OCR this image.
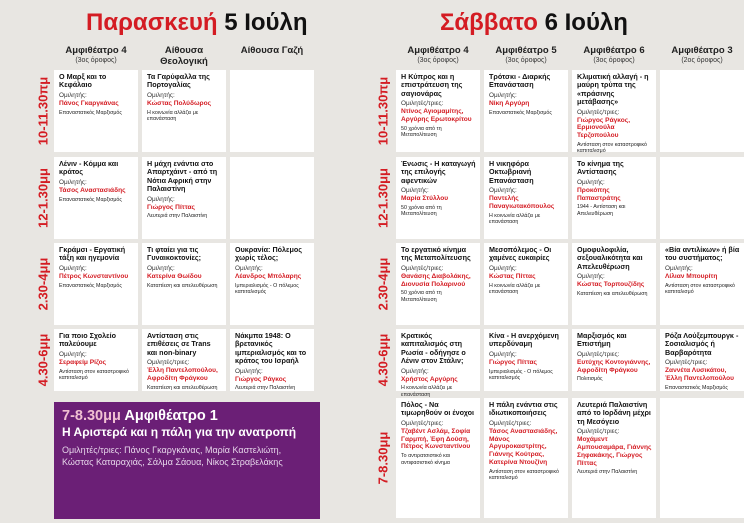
Παρασκευή 5 Ιούλη	Σάββατο 6 Ιούλη
Αμφιθέατρο 4
(3ος όροφος)
Αίθουσα Θεολογική
Αίθουσα Γαζή	Αμφιθέατρο 4
(3ος όροφος)
Αμφιθέατρο 5
(3ος όροφος)
Αμφιθέατρο 6
(3ος όροφος)
Αμφιθέατρο 3
(2ος όροφος)
10-11.30πμ
12-1.30μμ
2.30-4μμ
4.30-6μμ
10-11.30πμ
12-1.30μμ
2.30-4μμ
4.30-6μμ
7-8.30μμ
Ο Μαρξ και το Κεφάλαιο
Ομιλητής:
Πάνος Γκαργκάνας
Επαναστατικός Μαρξισμός
Τα Γαρύφαλλα της Πορτογαλίας
Ομιλητής:
Κώστας Πολύδωρος
Η κοινωνία αλλάζει με επανάσταση
Λένιν - Κόμμα και κράτος
Ομιλητής:
Τάσος Αναστασιάδης
Επαναστατικός Μαρξισμός
Η μάχη ενάντια στο Απαρτχάιντ - από τη Νότια Αφρική στην Παλαιστίνη
Ομιλητής:
Γιώργος Πίττας
Λευτεριά στην Παλαιστίνη
Γκράμσι - Εργατική τάξη και ηγεμονία
Ομιλητής:
Πέτρος Κωνσταντίνου
Επαναστατικός Μαρξισμός
Τι φταίει για τις Γυναικοκτονίες;
Ομιλητής:
Κατερίνα Θωίδου
Καταπίεση και απελευθέρωση
Ουκρανία: Πόλεμος χωρίς τέλος;
Ομιλητής:
Λέανδρος Μπόλαρης
Ιμπεριαλισμός - Ο πόλεμος καπιταλισμός
Για ποιο Σχολείο παλεύουμε
Ομιλητής:
Σεραφείμ Ρίζος
Αντίσταση στον καταστροφικό καπιταλισμό
Αντίσταση στις επιθέσεις σε Trans και non-binary
Ομιλητές/τριες:
Έλλη Παντελοπούλου, Αφροδίτη Φράγκου
Καταπίεση και απελευθέρωση
Νάκμπα 1948: Ο βρετανικός ιμπεριαλισμός και το κράτος του Ισραήλ
Ομιλητής:
Γιώργος Ράγκος
Λευτεριά στην Παλαιστίνη
Η Κύπρος και η επιστράτευση της σαγιονάρας
Ομιλητές/τριες:
Ντίνος Αγιομαμίτης, Αργύρης Ερωτοκρίτου
50 χρόνια από τη Μεταπολίτευση
Τρότσκι - Διαρκής Επανάσταση
Ομιλητής:
Νίκη Αργύρη
Επαναστατικός Μαρξισμός
Κλιματική αλλαγή - η μαύρη τρύπα της «πράσινης μετάβασης»
Ομιλητές/τριες:
Γιώργος Ράγκος, Ερμιονούλα Τερζοπούλου
Αντίσταση στον καταστροφικό καπιταλισμό
Ένωσις - Η καταγωγή της επιλογής αφεντικών
Ομιλητής:
Μαρία Στύλλου
50 χρόνια από τη Μεταπολίτευση
Η νικηφόρα Οκτωβριανή Επανάσταση
Ομιλητής:
Παντελής Παναγιωτακόπουλος
Η κοινωνία αλλάζει με επανάσταση
Το κίνημα της Αντίστασης
Ομιλητής:
Προκόπης Παπαστράτης
1944 - Αντίσταση και Απελευθέρωση
Το εργατικό κίνημα της Μεταπολίτευσης
Ομιλητές/τριες:
Θανάσης Διαβολάκης, Διονυσία Πολαρινού
50 χρόνια από τη Μεταπολίτευση
Μεσοπόλεμος - Οι χαμένες ευκαιρίες
Ομιλητής:
Κώστας Πίττας
Η κοινωνία αλλάζει με επανάσταση
Ομοφυλοφιλία, σεξουαλικότητα και Απελευθέρωση
Ομιλητής:
Κώστας Τορπουζίδης
Καταπίεση και απελευθέρωση
«Βία αντιλίκων» ή βία του συστήματος;
Ομιλητής:
Λίλιαν Μπουρίτη
Αντίσταση στον καταστροφικό καπιταλισμό
Κρατικός καπιταλισμός στη Ρωσία - οδήγησε ο Λένιν στον Στάλιν;
Ομιλητής:
Χρήστος Αργύρης
Η κοινωνία αλλάζει με επανάσταση
Κίνα - Η ανερχόμενη υπερδύναμη
Ομιλητής:
Γιώργος Πίττας
Ιμπεριαλισμός - Ο πόλεμος καπιταλισμός
Μαρξισμός και Επιστήμη
Ομιλητές/τριες:
Ευτύχης Κοντογιάννης, Αφροδίτη Φράγκου
Πολιτισμός
Ρόζα Λούξεμπουργκ - Σοσιαλισμός ή Βαρβαρότητα
Ομιλητές/τριες:
Ζαννέτα Λυσικάτου, Έλλη Παντελοπούλου
Επαναστατικός Μαρξισμός
Πόλος - Να τιμωρηθούν οι ένοχοι
Ομιλητές/τριες:
Τζαβέντ Ασλάμ, Σοφία Γαρμπή, Έφη Δούση, Πέτρος Κωνσταντίνου
Το αντιρατσιστικό και αντιφασιστικό κίνημα
Η πάλη ενάντια στις ιδιωτικοποιήσεις
Ομιλητές/τριες:
Τάσος Αναστασιάδης, Μάνος Αργυροκαστρίτης, Γιάννης Κούτρας, Κατερίνα Ντουζίνη
Αντίσταση στον καταστροφικό καπιταλισμό
Λευτεριά Παλαιστίνη από το Ιορδάνη μέχρι τη Μεσόγειο
Ομιλητές/τριες:
Μοχάμεντ Αμπουσαμάρα, Γιάννης Σηφακάκης, Γιώργος Πίττας
Λευτεριά στην Παλαιστίνη
7-8.30μμ Αμφιθέατρο 1
Η Αριστερά και η πάλη για την ανατροπή
Ομιλητές/τριες: Πάνος Γκαργκάνας, Μαρία Καστελιώτη, Κώστας Καταραχιάς, Σάλμα Σάουα, Νίκος Στραβελάκης
